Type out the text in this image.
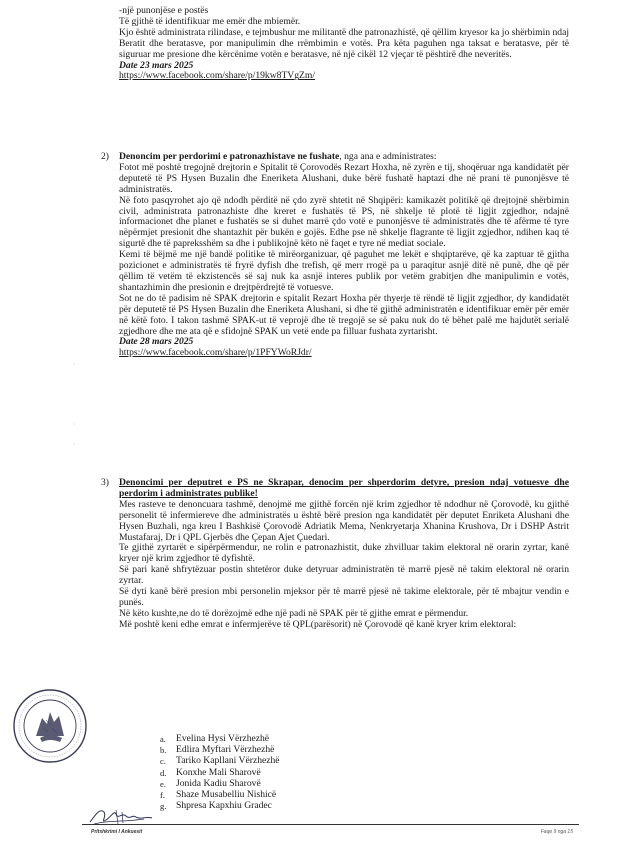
-një punonjëse e postës

Të gjithë të identifikuar me emër dhe mbiemër.

Kjo është administrata rilindase, e tejmbushur me militantë dhe patronazhistë, që qëllim kryesor ka jo shërbimin ndaj Beratit dhe beratasve, por manipulimin dhe rrëmbimin e votës. Pra këta paguhen nga taksat e beratasve, për të siguruar me presione dhe kërcënime votën e beratasve, në një cikël 12 vjeçar të pështirë dhe neveritës.

Date 23 mars 2025

https://www.facebook.com/share/p/19kw8TVgZm/
2) Denoncim per perdorimi e patronazhistave ne fushate, nga ana e administrates:

Fotot më poshtë tregojnë drejtorin e Spitalit të Çorovodës Rezart Hoxha, në zyrën e tij, shoqëruar nga kandidatët për deputetë të PS Hysen Buzalin dhe Eneriketa Alushani, duke bërë fushatë haptazi dhe në prani të punonjësve të administratës.

Në foto pasqyrohet ajo që ndodh përditë në çdo zyrë shtetit në Shqipëri: kamikazët politikë që drejtojnë shërbimin civil, administrata patronazhiste dhe kreret e fushatës të PS, në shkelje të plotë të ligjit zgjedhor, ndajnë informacionet dhe planet e fushatës se si duhet marrë çdo votë e punonjësve të administratës dhe të afërme të tyre nëpërmjet presionit dhe shantazhit për bukën e gojës. Edhe pse në shkelje flagrante të ligjit zgjedhor, ndihen kaq të sigurtë dhe të papreksshëm sa dhe i publikojnë këto në faqet e tyre në mediat sociale.

Kemi të bëjmë me një bandë politike të mirëorganizuar, që paguhet me lekët e shqiptarëve, që ka zaptuar të gjitha pozicionet e administratës të fryrë dyfish dhe trefish, që merr rrogë pa u paraqitur asnjë ditë në punë, dhe që për qëllim të vetëm të ekzistencës së saj nuk ka asnjë interes publik por vetëm grabitjen dhe manipulimin e votës, shantazhimin dhe presionin e drejtpërdrejtë të votuesve.

Sot ne do të padisim në SPAK drejtorin e spitalit Rezart Hoxha për thyerje të rëndë të ligjit zgjedhor, dy kandidatët për deputetë të PS Hysen Buzalin dhe Eneriketa Alushani, si dhe të gjithë administratën e identifikuar emër për emër në këtë foto. I takon tashmë SPAK-ut të veprojë dhe të tregojë se së paku nuk do të bëhet palë me hajdutët serialë zgjedhore dhe me ata që e sfidojnë SPAK un vetë ende pa filluar fushata zyrtarisht.

Date 28 mars 2025

https://www.facebook.com/share/p/1PFYWoRJdr/
·
·
·
3) Denoncimi per deputret e PS ne Skrapar, denocim per shperdorim detyre, presion ndaj votuesve dhe perdorim i administrates publike!

Mes rasteve te denoncuara tashmë, denojmë me gjithë forcën një krim zgjedhor të ndodhur në Çorovodë, ku gjithë personelit të infermiereve dhe administratës u është bërë presion nga kandidatët për deputet Enriketa Alushani dhe Hysen Buzhali, nga kreu I Bashkisë Çorovodë Adriatik Mema, Nenkryetarja Xhanina Krushova, Dr i DSHP Astrit Mustafaraj, Dr i QPL Gjerbës dhe Çepan Ajet Çuedari.

Te gjithë zyrtarët e sipërpërmendur, ne rolin e patronazhistit, duke zhvilluar takim elektoral në orarin zyrtar, kanë kryer një krim zgjedhor të dyfishtë.

Së pari kanë shfrytëzuar postin shtetëror duke detyruar administratën të marrë pjesë në takim elektoral në orarin zyrtar.

Së dyti kanë bërë presion mbi personelin mjeksor për të marrë pjesë në takime elektorale, për të mbajtur vendin e punës.

Në këto kushte,ne do të dorëzojmë edhe një padi në SPAK për të gjithe emrat e përmendur.

Më poshtë keni edhe emrat e infermjerëve të QPL(parësorit) në Çorovodë që kanë kryer krim elektoral:

a.	Evelina Hysi Vërzhezhë
b.	Edlira Myftari Vërzhezhë
c.	Tariko Kapllani Vërzhezhë
d.	Konxhe Mali Sharovë
e.	Jonida Kadiu Sharovë
f.	Shaze Musabelliu Nishicë
g.	Shpresa Kapxhiu Gradec
Pritshkrimi I Ankuesit	Faqe 9 nga 15
